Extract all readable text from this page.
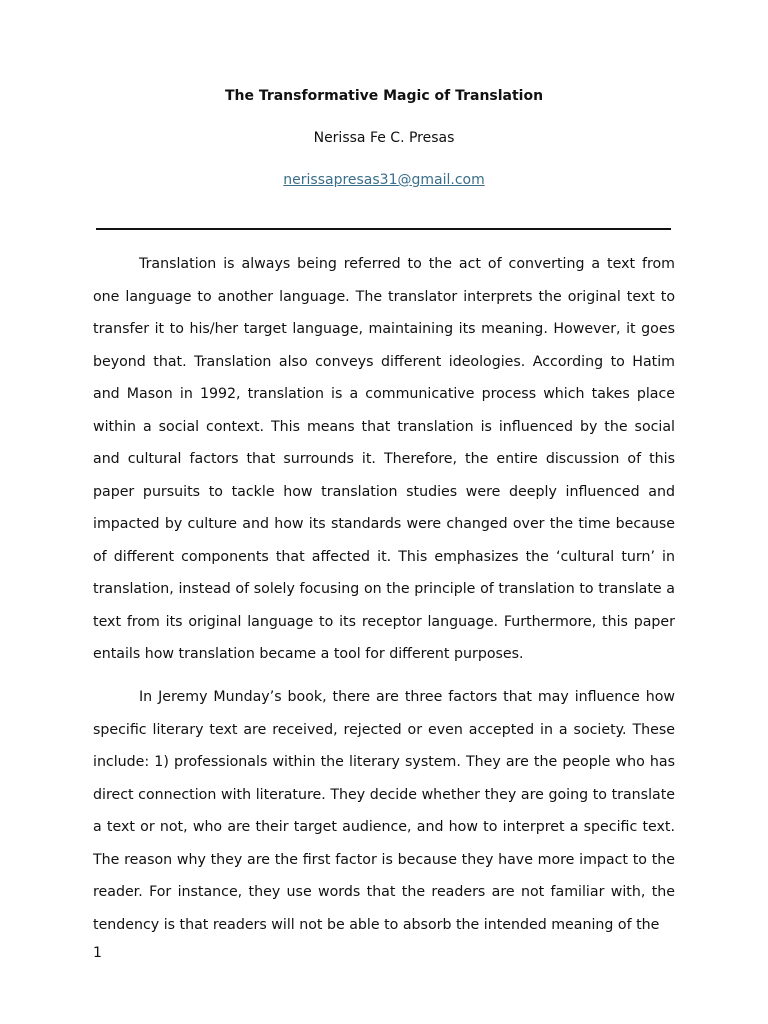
The Transformative Magic of Translation
Nerissa Fe C. Presas
nerissapresas31@gmail.com

Translation is always being referred to the act of converting a text from one language to another language. The translator interprets the original text to transfer it to his/her target language, maintaining its meaning. However, it goes beyond that. Translation also conveys different ideologies. According to Hatim and Mason in 1992, translation is a communicative process which takes place within a social context. This means that translation is influenced by the social and cultural factors that surrounds it. Therefore, the entire discussion of this paper pursuits to tackle how translation studies were deeply influenced and impacted by culture and how its standards were changed over the time because of different components that affected it. This emphasizes the ‘cultural turn’ in translation, instead of solely focusing on the principle of translation to translate a text from its original language to its receptor language. Furthermore, this paper entails how translation became a tool for different purposes.

In Jeremy Munday’s book, there are three factors that may influence how specific literary text are received, rejected or even accepted in a society. These include: 1) professionals within the literary system. They are the people who has direct connection with literature. They decide whether they are going to translate a text or not, who are their target audience, and how to interpret a specific text. The reason why they are the first factor is because they have more impact to the reader. For instance, they use words that the readers are not familiar with, the tendency is that readers will not be able to absorb the intended meaning of the

1
